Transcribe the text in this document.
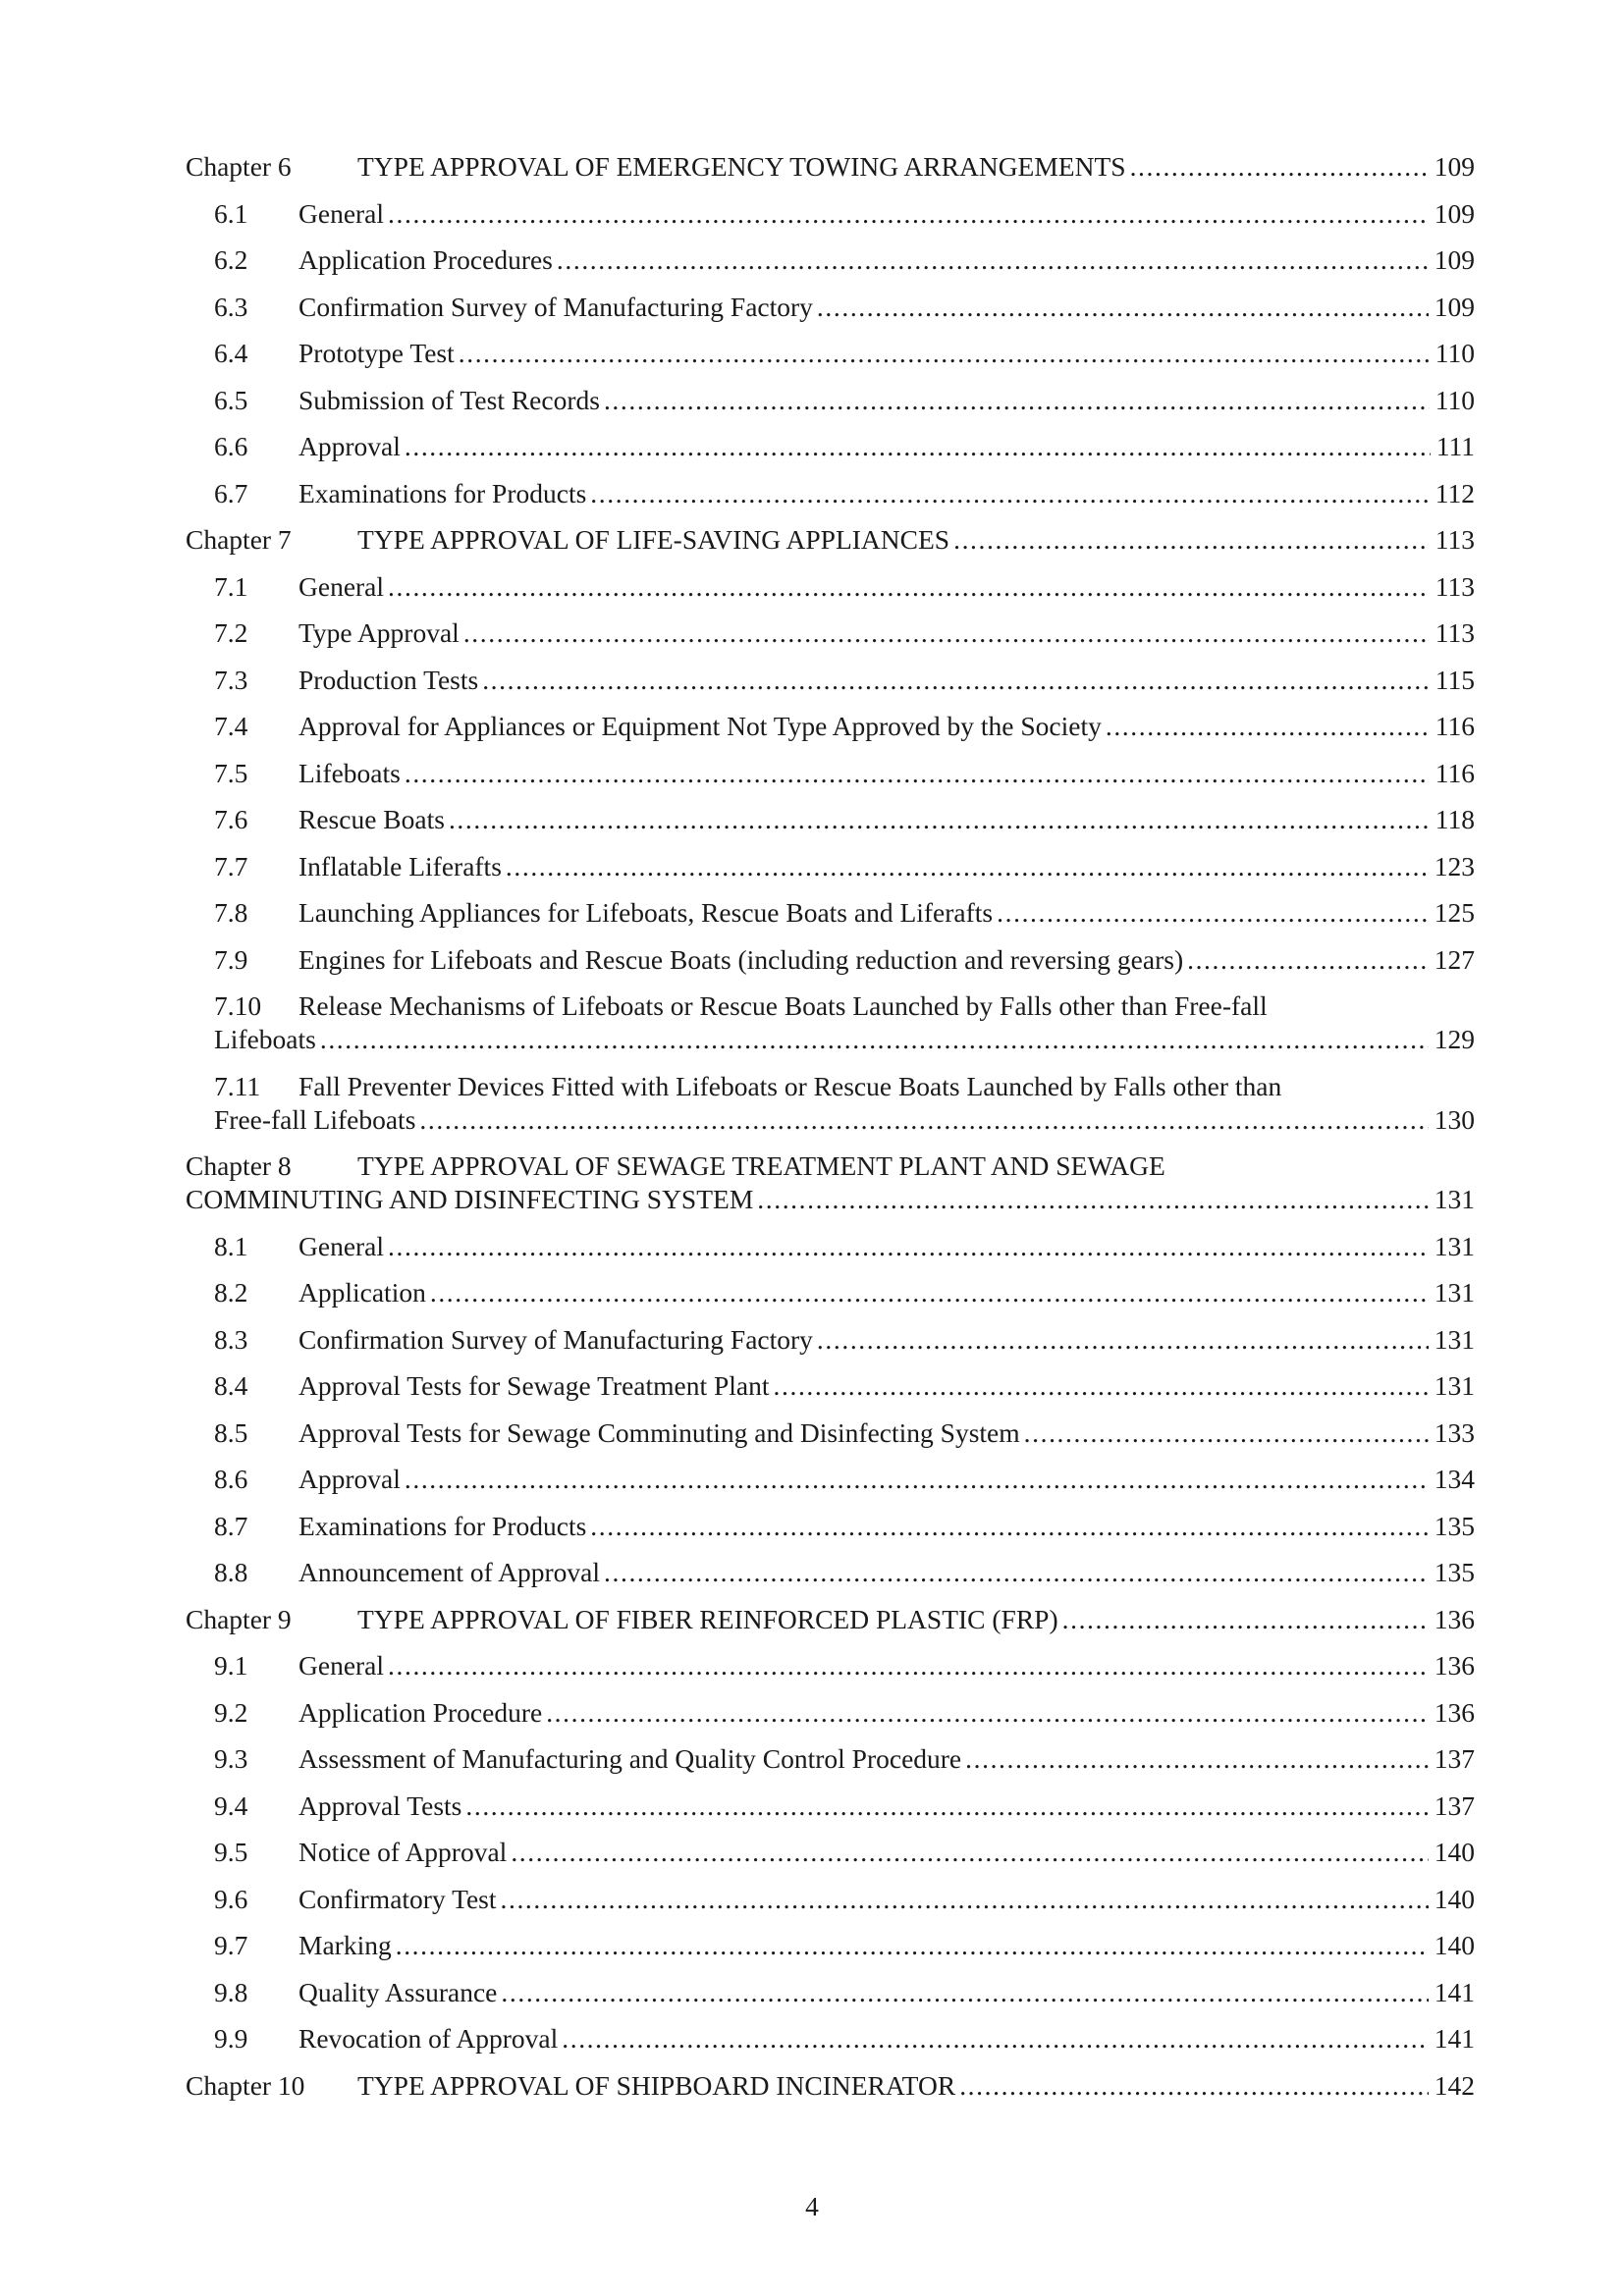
Chapter 6 TYPE APPROVAL OF EMERGENCY TOWING ARRANGEMENTS .....	109
6.1 General .....	109
6.2 Application Procedures .....	109
6.3 Confirmation Survey of Manufacturing Factory .....	109
6.4 Prototype Test .....	110
6.5 Submission of Test Records .....	110
6.6 Approval .....	111
6.7 Examinations for Products .....	112
Chapter 7 TYPE APPROVAL OF LIFE-SAVING APPLIANCES .....	113
7.1 General .....	113
7.2 Type Approval .....	113
7.3 Production Tests .....	115
7.4 Approval for Appliances or Equipment Not Type Approved by the Society .....	116
7.5 Lifeboats .....	116
7.6 Rescue Boats .....	118
7.7 Inflatable Liferafts .....	123
7.8 Launching Appliances for Lifeboats, Rescue Boats and Liferafts .....	125
7.9 Engines for Lifeboats and Rescue Boats (including reduction and reversing gears) .....	127
7.10 Release Mechanisms of Lifeboats or Rescue Boats Launched by Falls other than Free-fall
Lifeboats .....	129
7.11 Fall Preventer Devices Fitted with Lifeboats or Rescue Boats Launched by Falls other than
Free-fall Lifeboats .....	130
Chapter 8 TYPE APPROVAL OF SEWAGE TREATMENT PLANT AND SEWAGE
COMMINUTING AND DISINFECTING SYSTEM .....	131
8.1 General .....	131
8.2 Application .....	131
8.3 Confirmation Survey of Manufacturing Factory .....	131
8.4 Approval Tests for Sewage Treatment Plant .....	131
8.5 Approval Tests for Sewage Comminuting and Disinfecting System .....	133
8.6 Approval .....	134
8.7 Examinations for Products .....	135
8.8 Announcement of Approval .....	135
Chapter 9 TYPE APPROVAL OF FIBER REINFORCED PLASTIC (FRP) .....	136
9.1 General .....	136
9.2 Application Procedure .....	136
9.3 Assessment of Manufacturing and Quality Control Procedure .....	137
9.4 Approval Tests .....	137
9.5 Notice of Approval .....	140
9.6 Confirmatory Test .....	140
9.7 Marking .....	140
9.8 Quality Assurance .....	141
9.9 Revocation of Approval .....	141
Chapter 10 TYPE APPROVAL OF SHIPBOARD INCINERATOR .....	142
4
